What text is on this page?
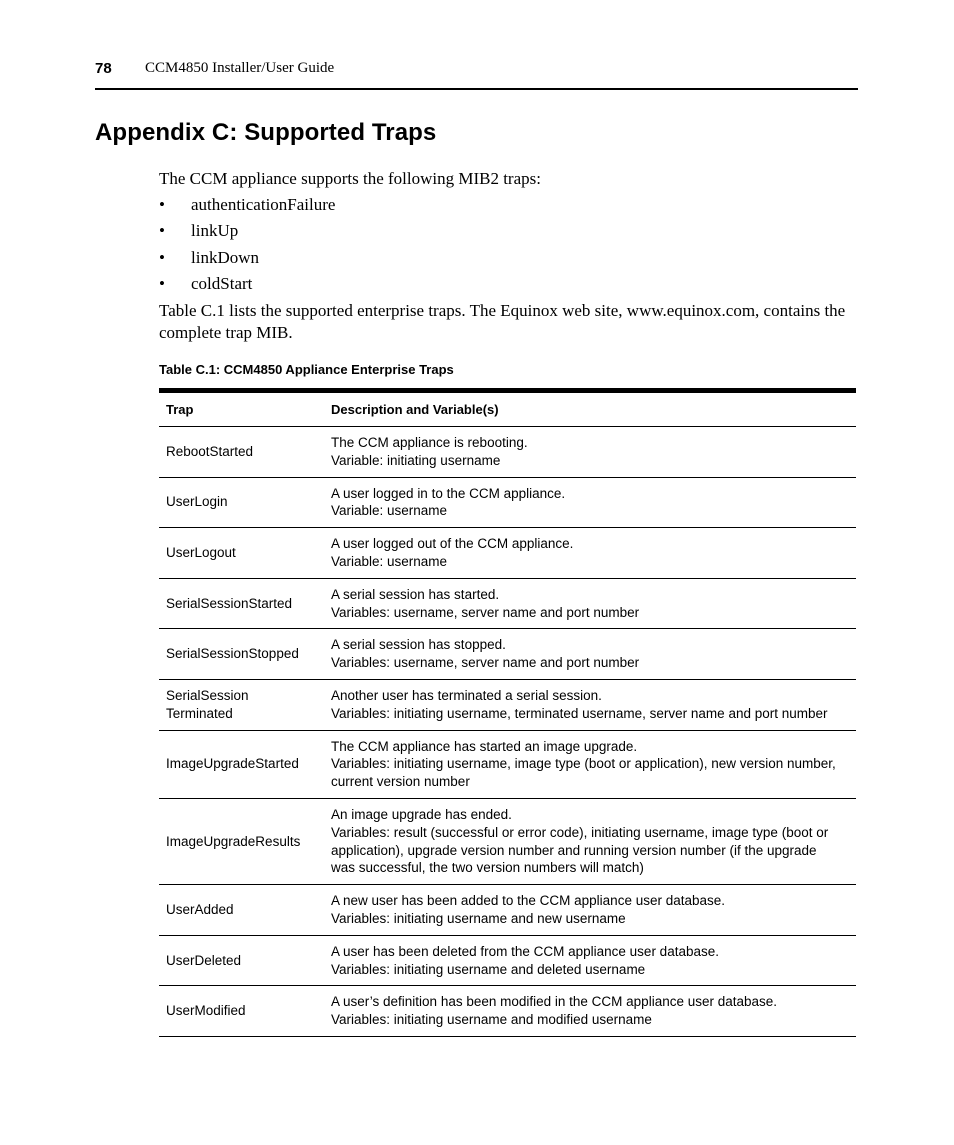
78 CCM4850 Installer/User Guide
Appendix C: Supported Traps
The CCM appliance supports the following MIB2 traps:
• authenticationFailure
• linkUp
• linkDown
• coldStart
Table C.1 lists the supported enterprise traps. The Equinox web site, www.equinox.com, contains the complete trap MIB.
Table C.1: CCM4850 Appliance Enterprise Traps
Trap	Description and Variable(s)

RebootStarted	The CCM appliance is rebooting.
Variable: initiating username

UserLogin	A user logged in to the CCM appliance.
Variable: username

UserLogout	A user logged out of the CCM appliance.
Variable: username

SerialSessionStarted	A serial session has started.
Variables: username, server name and port number

SerialSessionStopped	A serial session has stopped.
Variables: username, server name and port number

SerialSession
Terminated	Another user has terminated a serial session.
Variables: initiating username, terminated username, server name and port number

ImageUpgradeStarted	The CCM appliance has started an image upgrade.
Variables: initiating username, image type (boot or application), new version number,
current version number

ImageUpgradeResults	An image upgrade has ended.
Variables: result (successful or error code), initiating username, image type (boot or
application), upgrade version number and running version number (if the upgrade
was successful, the two version numbers will match)

UserAdded	A new user has been added to the CCM appliance user database.
Variables: initiating username and new username

UserDeleted	A user has been deleted from the CCM appliance user database.
Variables: initiating username and deleted username

UserModified	A user’s definition has been modified in the CCM appliance user database.
Variables: initiating username and modified username
